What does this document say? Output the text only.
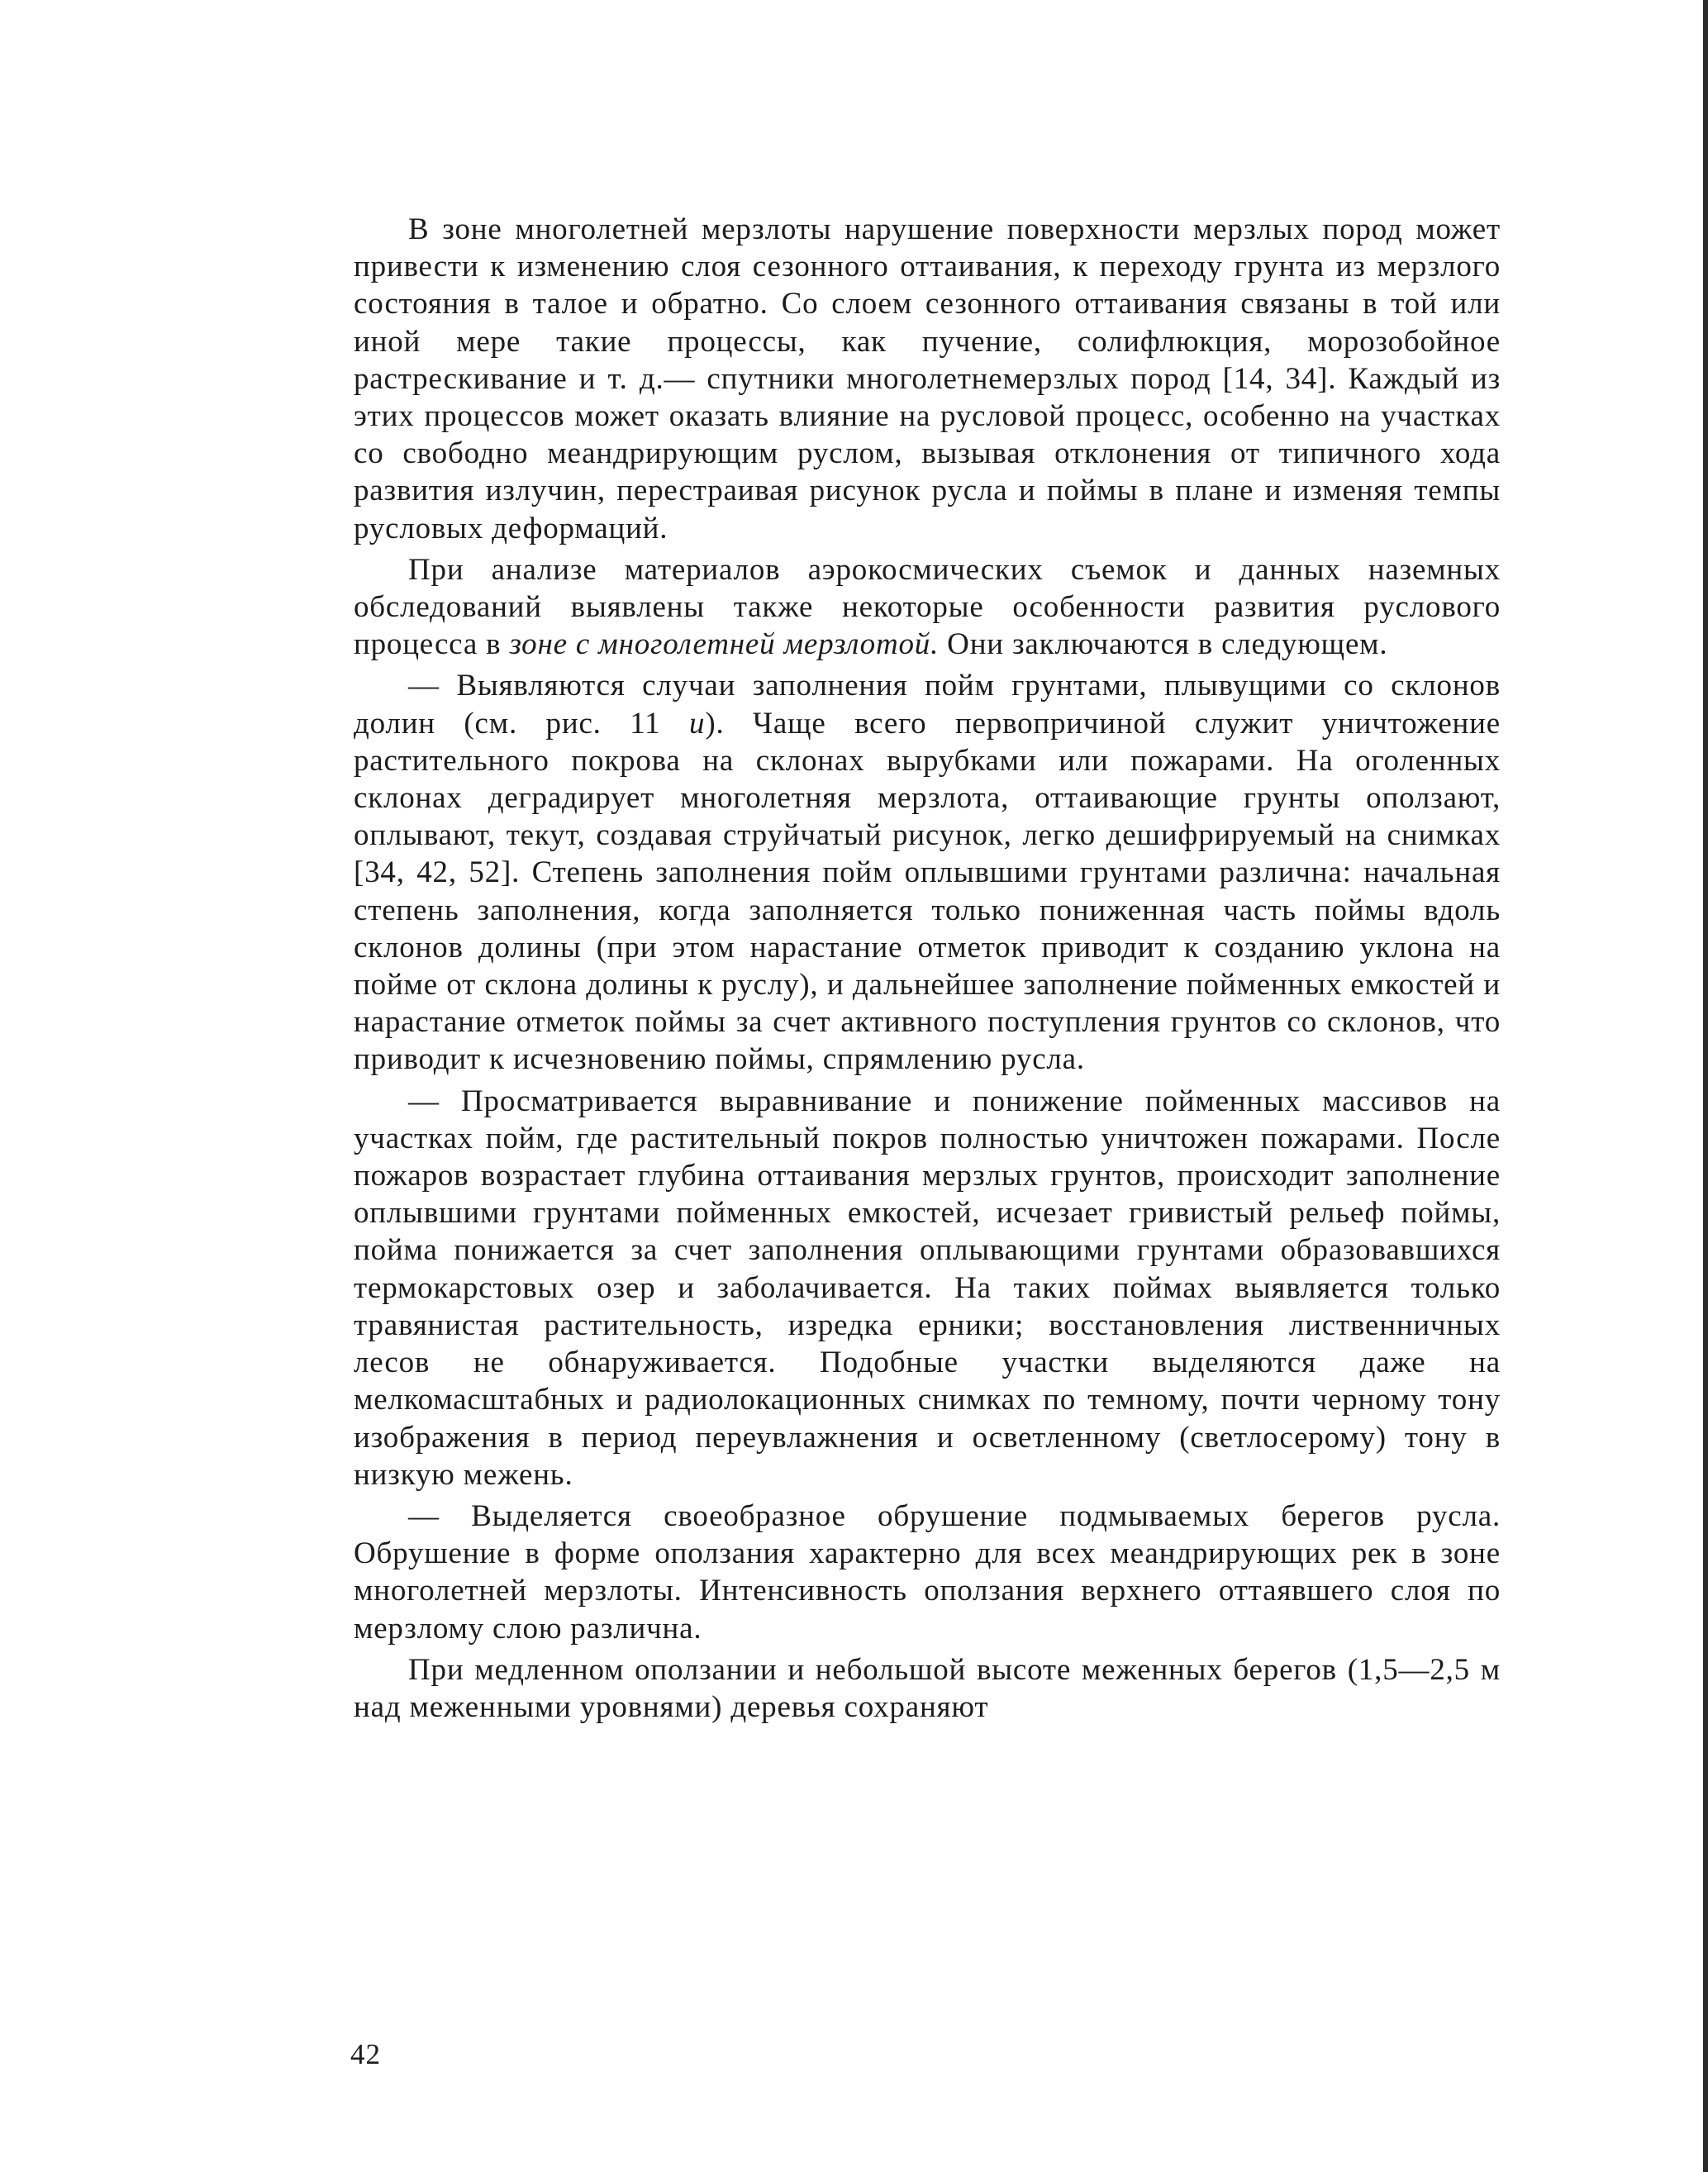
В зоне многолетней мерзлоты нарушение поверхности мерзлых пород может привести к изменению слоя сезонного оттаивания, к переходу грунта из мерзлого состояния в талое и обратно. Со слоем сезонного оттаивания связаны в той или иной мере такие процессы, как пучение, солифлюкция, морозобойное растрескивание и т. д.— спутники многолетнемерзлых пород [14, 34]. Каждый из этих процессов может оказать влияние на русловой процесс, особенно на участках со свободно меандрирующим руслом, вызывая отклонения от типичного хода развития излучин, перестраивая рисунок русла и поймы в плане и изменяя темпы русловых деформаций.

При анализе материалов аэрокосмических съемок и данных наземных обследований выявлены также некоторые особенности развития руслового процесса в зоне с многолетней мерзлотой. Они заключаются в следующем.

— Выявляются случаи заполнения пойм грунтами, плывущими со склонов долин (см. рис. 11 и). Чаще всего первопричиной служит уничтожение растительного покрова на склонах вырубками или пожарами. На оголенных склонах деградирует многолетняя мерзлота, оттаивающие грунты оползают, оплывают, текут, создавая струйчатый рисунок, легко дешифрируемый на снимках [34, 42, 52]. Степень заполнения пойм оплывшими грунтами различна: начальная степень заполнения, когда заполняется только пониженная часть поймы вдоль склонов долины (при этом нарастание отметок приводит к созданию уклона на пойме от склона долины к руслу), и дальнейшее заполнение пойменных емкостей и нарастание отметок поймы за счет активного поступления грунтов со склонов, что приводит к исчезновению поймы, спрямлению русла.

— Просматривается выравнивание и понижение пойменных массивов на участках пойм, где растительный покров полностью уничтожен пожарами. После пожаров возрастает глубина оттаивания мерзлых грунтов, происходит заполнение оплывшими грунтами пойменных емкостей, исчезает гривистый рельеф поймы, пойма понижается за счет заполнения оплывающими грунтами образовавшихся термокарстовых озер и заболачивается. На таких поймах выявляется только травянистая растительность, изредка ерники; восстановления лиственничных лесов не обнаруживается. Подобные участки выделяются даже на мелкомасштабных и радиолокационных снимках по темному, почти черному тону изображения в период переувлажнения и осветленному (светлосерому) тону в низкую межень.

— Выделяется своеобразное обрушение подмываемых берегов русла. Обрушение в форме оползания характерно для всех меандрирующих рек в зоне многолетней мерзлоты. Интенсивность оползания верхнего оттаявшего слоя по мерзлому слою различна.

При медленном оползании и небольшой высоте меженных берегов (1,5—2,5 м над меженными уровнями) деревья сохраняют

42
